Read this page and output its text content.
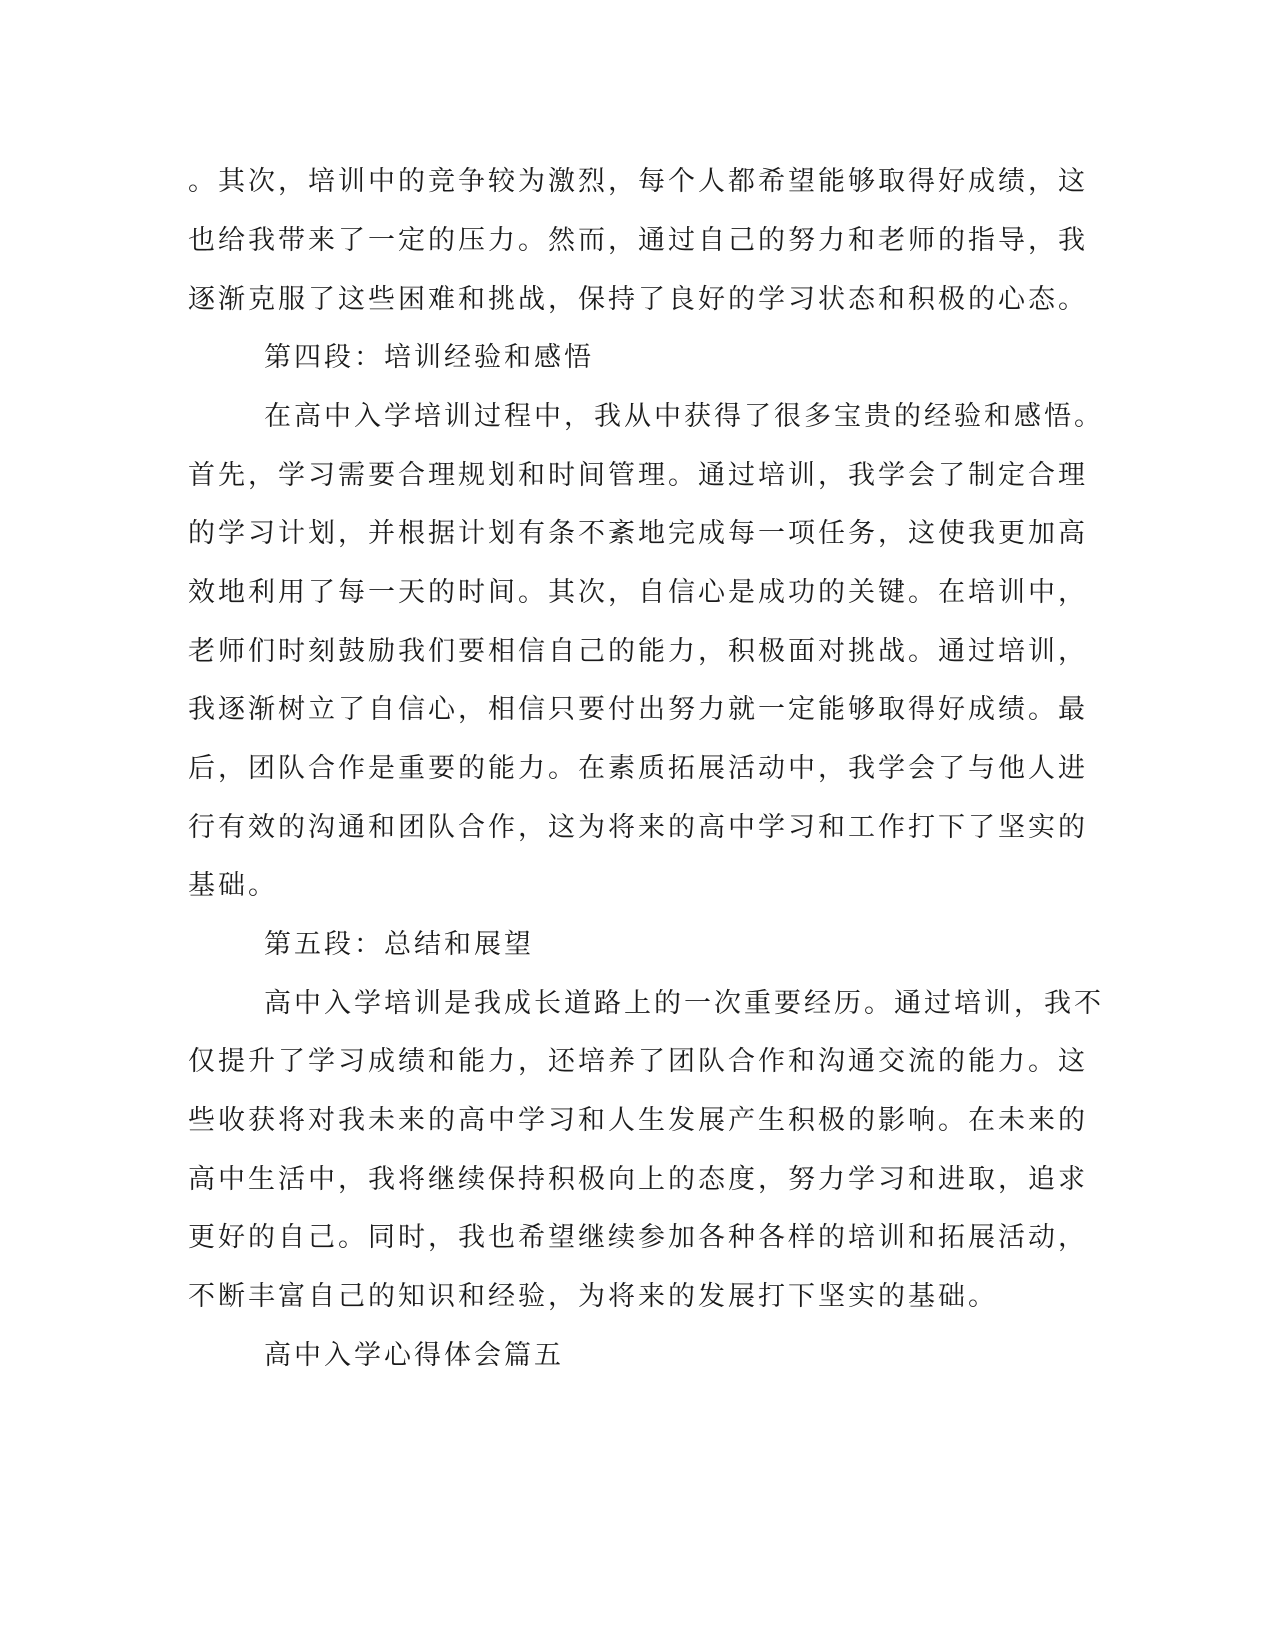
。其次，培训中的竞争较为激烈，每个人都希望能够取得好成绩，这
也给我带来了一定的压力。然而，通过自己的努力和老师的指导，我
逐渐克服了这些困难和挑战，保持了良好的学习状态和积极的心态。
第四段：培训经验和感悟
在高中入学培训过程中，我从中获得了很多宝贵的经验和感悟。
首先，学习需要合理规划和时间管理。通过培训，我学会了制定合理
的学习计划，并根据计划有条不紊地完成每一项任务，这使我更加高
效地利用了每一天的时间。其次，自信心是成功的关键。在培训中，
老师们时刻鼓励我们要相信自己的能力，积极面对挑战。通过培训，
我逐渐树立了自信心，相信只要付出努力就一定能够取得好成绩。最
后，团队合作是重要的能力。在素质拓展活动中，我学会了与他人进
行有效的沟通和团队合作，这为将来的高中学习和工作打下了坚实的
基础。
第五段：总结和展望
高中入学培训是我成长道路上的一次重要经历。通过培训，我不
仅提升了学习成绩和能力，还培养了团队合作和沟通交流的能力。这
些收获将对我未来的高中学习和人生发展产生积极的影响。在未来的
高中生活中，我将继续保持积极向上的态度，努力学习和进取，追求
更好的自己。同时，我也希望继续参加各种各样的培训和拓展活动，
不断丰富自己的知识和经验，为将来的发展打下坚实的基础。
高中入学心得体会篇五
